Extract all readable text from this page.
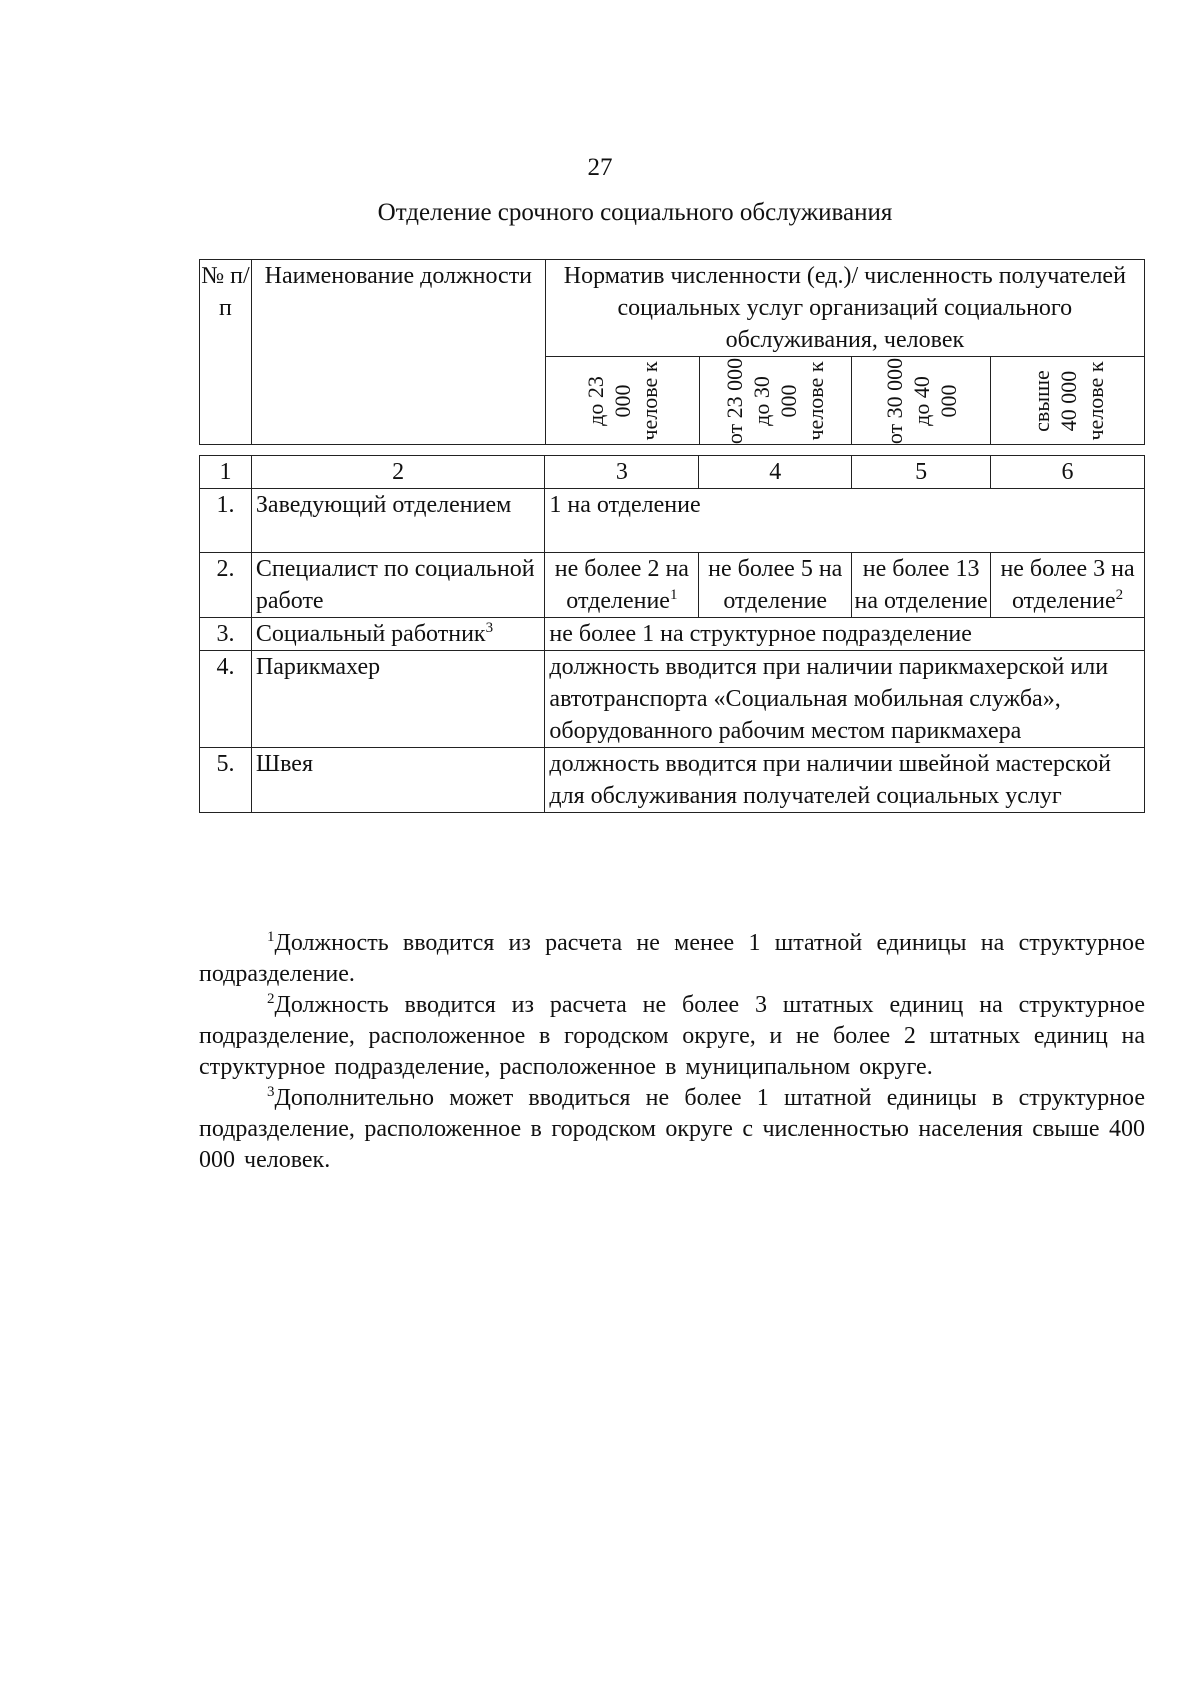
27
Отделение срочного социального обслуживания
№ п/п	Наименование должности	Норматив численности (ед.)/ численность получателей социальных услуг организаций социального обслуживания, человек			

до 23 000 челове к	от 23 000 до 30 000 челове к	от 30 000 до 40 000	свыше 40 000 челове к
1	2	3	4	5	6
1.	Заведующий отделением	1 на отделение			
2.	Специалист по социальной работе	не более 2 на отделение$^1$	не более 5 на отделение	не более 13 на отделение	не более 3 на отделение$^2$
3.	Социальный работник$^3$	не более 1 на структурное подразделение			
4.	Парикмахер	должность вводится при наличии парикмахерской или автотранспорта «Социальная мобильная служба», оборудованного рабочим местом парикмахера			
5.	Швея	должность вводится при наличии швейной мастерской для обслуживания получателей социальных услуг			

$^1$Должность вводится из расчета не менее 1 штатной единицы на структурное подразделение.

$^2$Должность вводится из расчета не более 3 штатных единиц на структурное подразделение, расположенное в городском округе, и не более 2 штатных единиц на структурное подразделение, расположенное в муниципальном округе.

$^3$Дополнительно может вводиться не более 1 штатной единицы в структурное подразделение, расположенное в городском округе с численностью населения свыше 400 000 человек.
